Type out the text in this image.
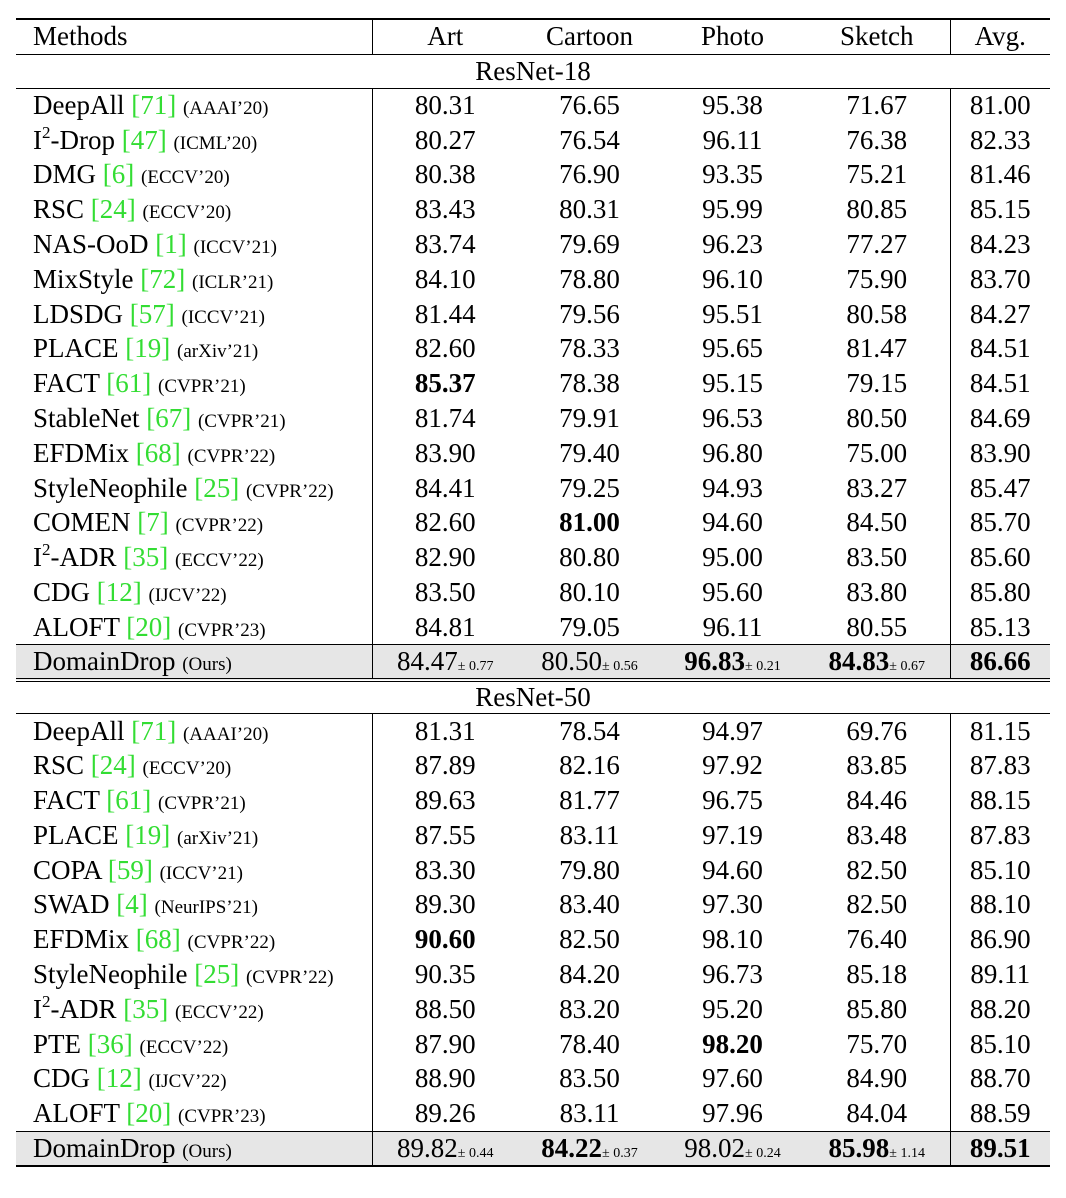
Methods	Art	Cartoon	Photo	Sketch	Avg.
ResNet-18					
DeepAll [71] (AAAI’20)	80.31	76.65	95.38	71.67	81.00
$I^2$-Drop [47] (ICML’20)	80.27	76.54	96.11	76.38	82.33
DMG [6] (ECCV’20)	80.38	76.90	93.35	75.21	81.46
RSC [24] (ECCV’20)	83.43	80.31	95.99	80.85	85.15
NAS-OoD [1] (ICCV’21)	83.74	79.69	96.23	77.27	84.23
MixStyle [72] (ICLR’21)	84.10	78.80	96.10	75.90	83.70
LDSDG [57] (ICCV’21)	81.44	79.56	95.51	80.58	84.27
PLACE [19] (arXiv’21)	82.60	78.33	95.65	81.47	84.51
FACT [61] (CVPR’21)	85.37	78.38	95.15	79.15	84.51
StableNet [67] (CVPR’21)	81.74	79.91	96.53	80.50	84.69
EFDMix [68] (CVPR’22)	83.90	79.40	96.80	75.00	83.90
StyleNeophile [25] (CVPR’22)	84.41	79.25	94.93	83.27	85.47
COMEN [7] (CVPR’22)	82.60	81.00	94.60	84.50	85.70
$I^2$-ADR [35] (ECCV’22)	82.90	80.80	95.00	83.50	85.60
CDG [12] (IJCV’22)	83.50	80.10	95.60	83.80	85.80
ALOFT [20] (CVPR’23)	84.81	79.05	96.11	80.55	85.13
DomainDrop (Ours)	84.47± 0.77	80.50± 0.56	96.83± 0.21	84.83± 0.67	86.66
ResNet-50					
DeepAll [71] (AAAI’20)	81.31	78.54	94.97	69.76	81.15
RSC [24] (ECCV’20)	87.89	82.16	97.92	83.85	87.83
FACT [61] (CVPR’21)	89.63	81.77	96.75	84.46	88.15
PLACE [19] (arXiv’21)	87.55	83.11	97.19	83.48	87.83
COPA [59] (ICCV’21)	83.30	79.80	94.60	82.50	85.10
SWAD [4] (NeurIPS’21)	89.30	83.40	97.30	82.50	88.10
EFDMix [68] (CVPR’22)	90.60	82.50	98.10	76.40	86.90
StyleNeophile [25] (CVPR’22)	90.35	84.20	96.73	85.18	89.11
$I^2$-ADR [35] (ECCV’22)	88.50	83.20	95.20	85.80	88.20
PTE [36] (ECCV’22)	87.90	78.40	98.20	75.70	85.10
CDG [12] (IJCV’22)	88.90	83.50	97.60	84.90	88.70
ALOFT [20] (CVPR’23)	89.26	83.11	97.96	84.04	88.59
DomainDrop (Ours)	89.82± 0.44	84.22± 0.37	98.02± 0.24	85.98± 1.14	89.51
